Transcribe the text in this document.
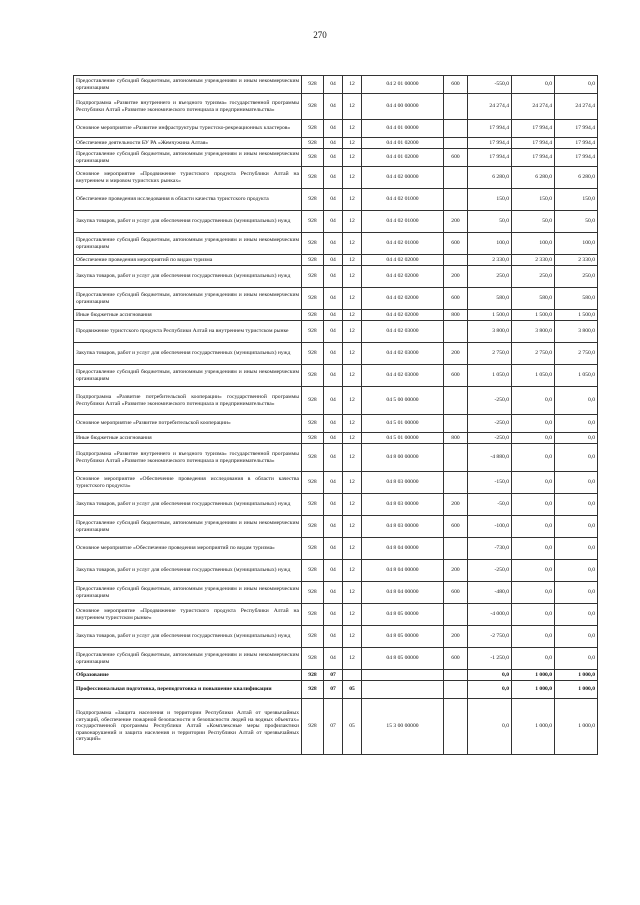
270
Предоставление субсидий бюджетным, автономным учреждениям и иным некоммерческим организациям	928	04	12	04 2 01 00000	600	-550,0	0,0	0,0
Подпрограмма «Развитие внутреннего и въездного туризма» государственной программы Республики Алтай «Развитие экономического потенциала и предпринимательства»	928	04	12	04 4 00 00000		24 274,4	24 274,4	24 274,4
Основное мероприятие «Развитие инфраструктуры туристско-рекреационных кластеров»	928	04	12	04 4 01 00000		17 994,4	17 994,4	17 994,4
Обеспечение деятельности БУ РА «Жемчужина Алтая»	928	04	12	04 4 01 02000		17 994,4	17 994,4	17 994,4
Предоставление субсидий бюджетным, автономным учреждениям и иным некоммерческим организациям	928	04	12	04 4 01 02000	600	17 994,4	17 994,4	17 994,4
Основное мероприятие «Продвижение туристского продукта Республики Алтай на внутреннем и мировом туристских рынках»	928	04	12	04 4 02 00000		6 280,0	6 280,0	6 280,0
Обеспечение проведения исследования в области качества туристского продукта	928	04	12	04 4 02 01000		150,0	150,0	150,0
Закупка товаров, работ и услуг для обеспечения государственных (муниципальных) нужд	928	04	12	04 4 02 01000	200	50,0	50,0	50,0
Предоставление субсидий бюджетным, автономным учреждениям и иным некоммерческим организациям	928	04	12	04 4 02 01000	600	100,0	100,0	100,0
Обеспечение проведения мероприятий по видам туризма	928	04	12	04 4 02 02000		2 330,0	2 330,0	2 330,0
Закупка товаров, работ и услуг для обеспечения государственных (муниципальных) нужд	928	04	12	04 4 02 02000	200	250,0	250,0	250,0
Предоставление субсидий бюджетным, автономным учреждениям и иным некоммерческим организациям	928	04	12	04 4 02 02000	600	580,0	580,0	580,0
Иные бюджетные ассигнования	928	04	12	04 4 02 02000	800	1 500,0	1 500,0	1 500,0
Продвижение туристского продукта Республики Алтай на внутреннем туристском рынке	928	04	12	04 4 02 03000		3 800,0	3 800,0	3 800,0
Закупка товаров, работ и услуг для обеспечения государственных (муниципальных) нужд	928	04	12	04 4 02 03000	200	2 750,0	2 750,0	2 750,0
Предоставление субсидий бюджетным, автономным учреждениям и иным некоммерческим организациям	928	04	12	04 4 02 03000	600	1 050,0	1 050,0	1 050,0
Подпрограмма «Развитие потребительской кооперации» государственной программы Республики Алтай «Развитие экономического потенциала и предпринимательства»	928	04	12	04 5 00 00000		-250,0	0,0	0,0
Основное мероприятие «Развитие потребительской кооперации»	928	04	12	04 5 01 00000		-250,0	0,0	0,0
Иные бюджетные ассигнования	928	04	12	04 5 01 00000	800	-250,0	0,0	0,0
Подпрограмма «Развитие внутреннего и въездного туризма» государственной программы Республики Алтай «Развитие экономического потенциала и предпринимательства»	928	04	12	04 8 00 00000		-4 880,0	0,0	0,0
Основное мероприятие «Обеспечение проведения исследования в области качества туристского продукта»	928	04	12	04 8 03 00000		-150,0	0,0	0,0
Закупка товаров, работ и услуг для обеспечения государственных (муниципальных) нужд	928	04	12	04 8 03 00000	200	-50,0	0,0	0,0
Предоставление субсидий бюджетным, автономным учреждениям и иным некоммерческим организациям	928	04	12	04 8 03 00000	600	-100,0	0,0	0,0
Основное мероприятие «Обеспечение проведения мероприятий по видам туризма»	928	04	12	04 8 04 00000		-730,0	0,0	0,0
Закупка товаров, работ и услуг для обеспечения государственных (муниципальных) нужд	928	04	12	04 8 04 00000	200	-250,0	0,0	0,0
Предоставление субсидий бюджетным, автономным учреждениям и иным некоммерческим организациям	928	04	12	04 8 04 00000	600	-480,0	0,0	0,0
Основное мероприятие «Продвижение туристского продукта Республики Алтай на внутреннем туристском рынке»	928	04	12	04 8 05 00000		-4 000,0	0,0	0,0
Закупка товаров, работ и услуг для обеспечения государственных (муниципальных) нужд	928	04	12	04 8 05 00000	200	-2 750,0	0,0	0,0
Предоставление субсидий бюджетным, автономным учреждениям и иным некоммерческим организациям	928	04	12	04 8 05 00000	600	-1 250,0	0,0	0,0
Образование	928	07				0,0	1 000,0	1 000,0
Профессиональная подготовка, переподготовка и повышение квалификации	928	07	05			0,0	1 000,0	1 000,0
Подпрограмма «Защита населения и территории Республики Алтай от чрезвычайных ситуаций, обеспечение пожарной безопасности и безопасности людей на водных объектах» государственной программы Республики Алтай «Комплексные меры профилактики правонарушений и защита населения и территории Республики Алтай от чрезвычайных ситуаций»	928	07	05	15 3 00 00000		0,0	1 000,0	1 000,0
